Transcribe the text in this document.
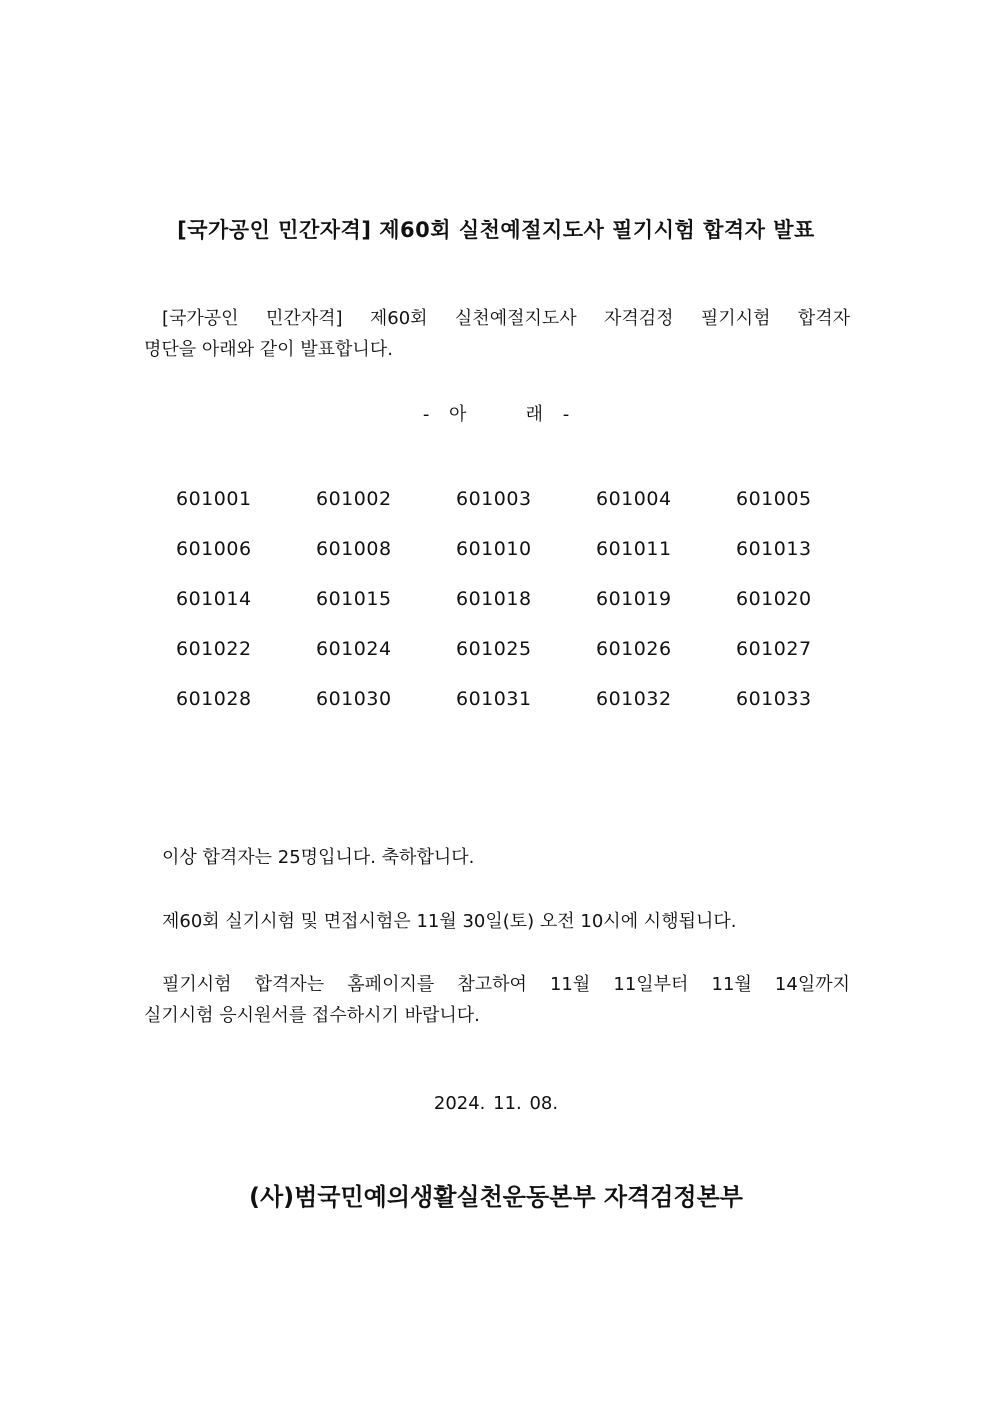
[국가공인 민간자격] 제60회 실천예절지도사 필기시험 합격자 발표
[국가공인 민간자격] 제60회 실천예절지도사 자격검정 필기시험 합격자
명단을 아래와 같이 발표합니다.
- 아   래 -
601001	601002	601003	601004	601005
601006	601008	601010	601011	601013
601014	601015	601018	601019	601020
601022	601024	601025	601026	601027
601028	601030	601031	601032	601033
이상 합격자는 25명입니다. 축하합니다.
제60회 실기시험 및 면접시험은 11월 30일(토) 오전 10시에 시행됩니다.
필기시험 합격자는 홈페이지를 참고하여 11월 11일부터 11월 14일까지
실기시험 응시원서를 접수하시기 바랍니다.
2024. 11. 08.
(사)범국민예의생활실천운동본부 자격검정본부
